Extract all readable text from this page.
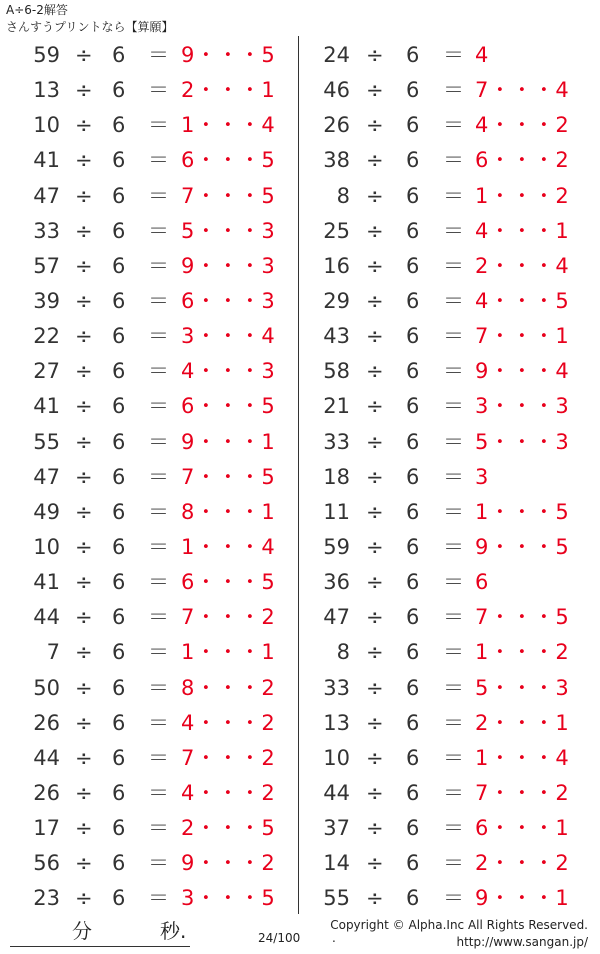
A÷6-2解答
さんすうプリントなら【算願】
59 ÷ 6 ＝ 9・・・5
13 ÷ 6 ＝ 2・・・1
10 ÷ 6 ＝ 1・・・4
41 ÷ 6 ＝ 6・・・5
47 ÷ 6 ＝ 7・・・5
33 ÷ 6 ＝ 5・・・3
57 ÷ 6 ＝ 9・・・3
39 ÷ 6 ＝ 6・・・3
22 ÷ 6 ＝ 3・・・4
27 ÷ 6 ＝ 4・・・3
41 ÷ 6 ＝ 6・・・5
55 ÷ 6 ＝ 9・・・1
47 ÷ 6 ＝ 7・・・5
49 ÷ 6 ＝ 8・・・1
10 ÷ 6 ＝ 1・・・4
41 ÷ 6 ＝ 6・・・5
44 ÷ 6 ＝ 7・・・2
7 ÷ 6 ＝ 1・・・1
50 ÷ 6 ＝ 8・・・2
26 ÷ 6 ＝ 4・・・2
44 ÷ 6 ＝ 7・・・2
26 ÷ 6 ＝ 4・・・2
17 ÷ 6 ＝ 2・・・5
56 ÷ 6 ＝ 9・・・2
23 ÷ 6 ＝ 3・・・5
24 ÷ 6 ＝ 4
46 ÷ 6 ＝ 7・・・4
26 ÷ 6 ＝ 4・・・2
38 ÷ 6 ＝ 6・・・2
8 ÷ 6 ＝ 1・・・2
25 ÷ 6 ＝ 4・・・1
16 ÷ 6 ＝ 2・・・4
29 ÷ 6 ＝ 4・・・5
43 ÷ 6 ＝ 7・・・1
58 ÷ 6 ＝ 9・・・4
21 ÷ 6 ＝ 3・・・3
33 ÷ 6 ＝ 5・・・3
18 ÷ 6 ＝ 3
11 ÷ 6 ＝ 1・・・5
59 ÷ 6 ＝ 9・・・5
36 ÷ 6 ＝ 6
47 ÷ 6 ＝ 7・・・5
8 ÷ 6 ＝ 1・・・2
33 ÷ 6 ＝ 5・・・3
13 ÷ 6 ＝ 2・・・1
10 ÷ 6 ＝ 1・・・4
44 ÷ 6 ＝ 7・・・2
37 ÷ 6 ＝ 6・・・1
14 ÷ 6 ＝ 2・・・2
55 ÷ 6 ＝ 9・・・1
分	秒.	24/100	.
Copyright © Alpha.Inc All Rights Reserved.
http://www.sangan.jp/
